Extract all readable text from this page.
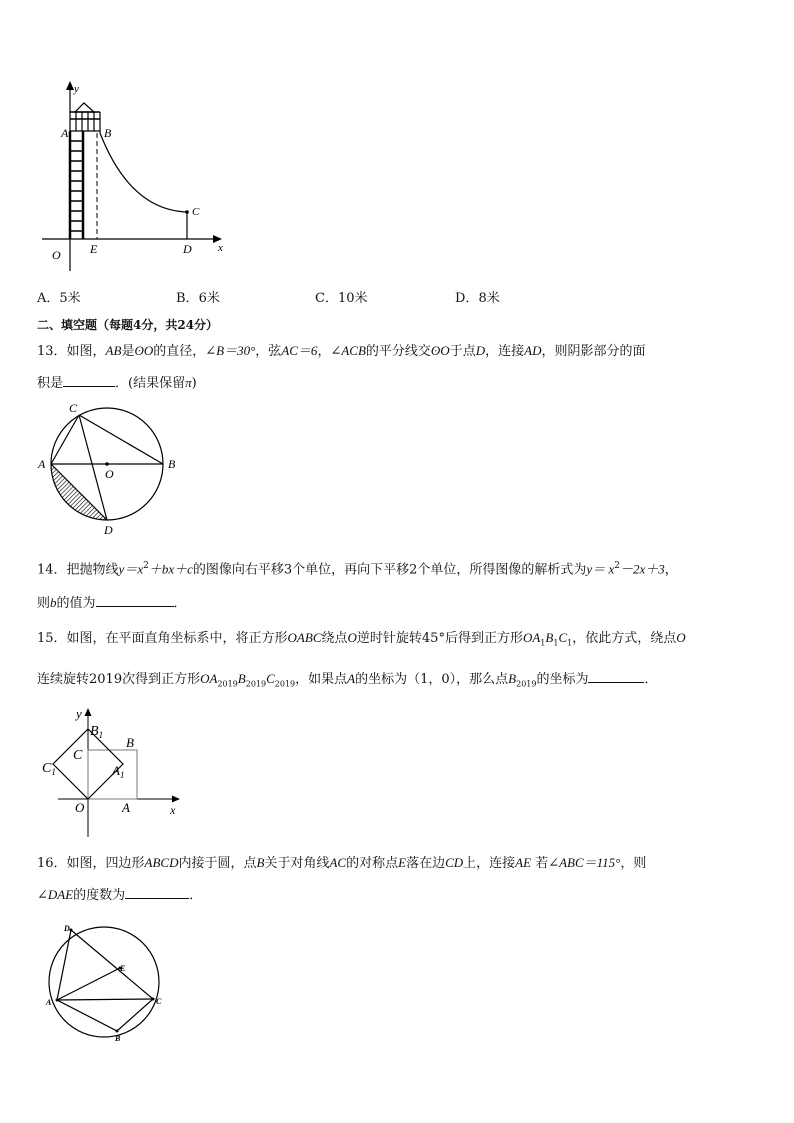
y
A	B
C
O E	D x
A．5米	B．6米	C．10米	D．8米
二、填空题（每题4分，共24分）
13．如图，AB是ʘO的直径，∠B＝30°，弦AC＝6，∠ACB的平分线交ʘO于点D，连接AD，则阴影部分的面
积是	．(结果保留π)
C
A
O
B
D
14．把抛物线$y=x^2+bx+c$的图像向右平移3个单位，再向下平移2个单位，所得图像的解析式为$y= x^2-2x+3$，
则b的值为	．
15．如图，在平面直角坐标系中，将正方形OABC绕点O逆时针旋转45°后得到正方形$OA_1B_1C_1$，依此方式，绕点O
连续旋转2019次得到正方形$OA_{2019}B_{2019}C_{2019}$，如果点A的坐标为（1，0），那么点$B_{2019}$的坐标为	．
y
$B_1$ B
C
$C_1$	$A_1$
O	A	x
16．如图，四边形ABCD内接于圆，点B关于对角线AC的对称点E落在边CD上，连接AE 若∠ABC＝115°，则
∠DAE的度数为	．
D
E
A	C
B
